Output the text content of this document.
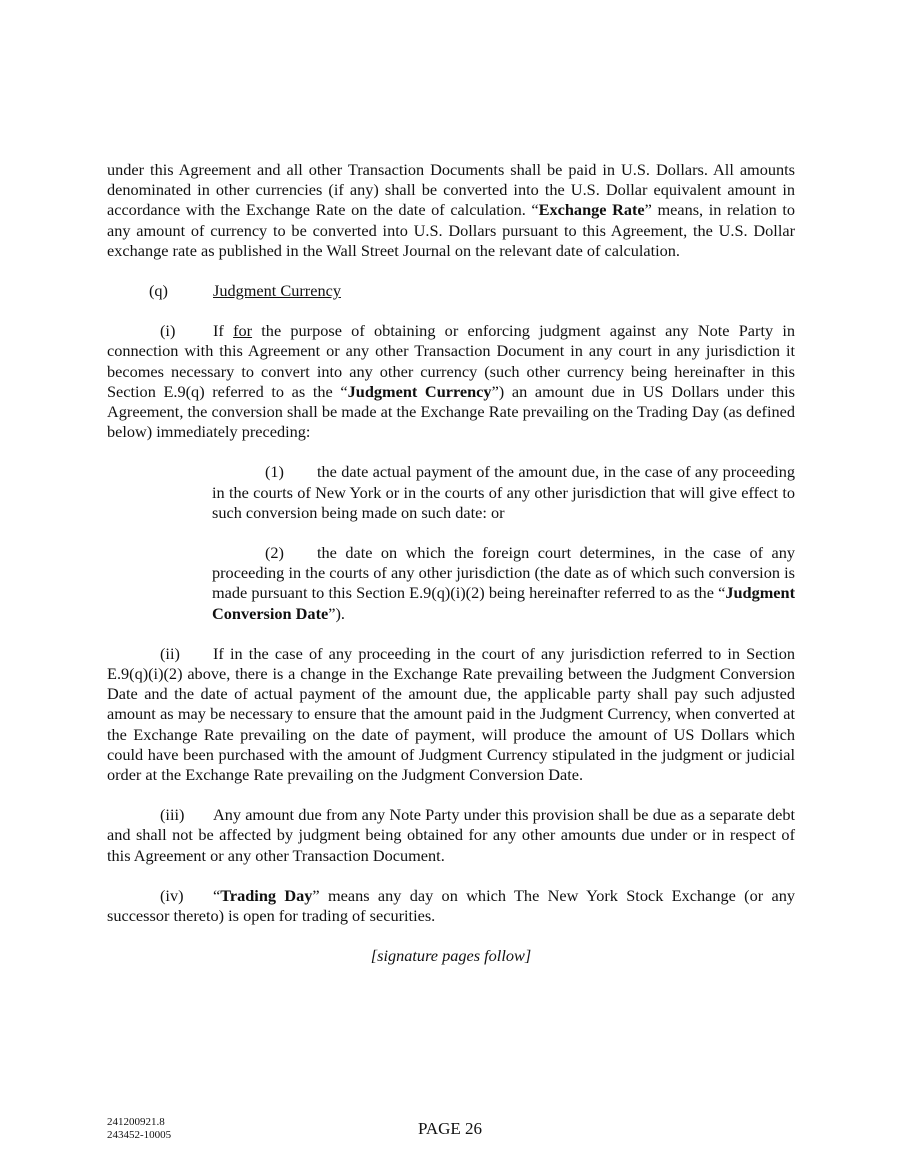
under this Agreement and all other Transaction Documents shall be paid in U.S. Dollars. All amounts denominated in other currencies (if any) shall be converted into the U.S. Dollar equivalent amount in accordance with the Exchange Rate on the date of calculation. “Exchange Rate” means, in relation to any amount of currency to be converted into U.S. Dollars pursuant to this Agreement, the U.S. Dollar exchange rate as published in the Wall Street Journal on the relevant date of calculation.

(q)	Judgment Currency

(i) If for the purpose of obtaining or enforcing judgment against any Note Party in connection with this Agreement or any other Transaction Document in any court in any jurisdiction it becomes necessary to convert into any other currency (such other currency being hereinafter in this Section E.9(q) referred to as the “Judgment Currency”) an amount due in US Dollars under this Agreement, the conversion shall be made at the Exchange Rate prevailing on the Trading Day (as defined below) immediately preceding:

(1) the date actual payment of the amount due, in the case of any proceeding in the courts of New York or in the courts of any other jurisdiction that will give effect to such conversion being made on such date: or

(2) the date on which the foreign court determines, in the case of any proceeding in the courts of any other jurisdiction (the date as of which such conversion is made pursuant to this Section E.9(q)(i)(2) being hereinafter referred to as the “Judgment Conversion Date”).

(ii) If in the case of any proceeding in the court of any jurisdiction referred to in Section E.9(q)(i)(2) above, there is a change in the Exchange Rate prevailing between the Judgment Conversion Date and the date of actual payment of the amount due, the applicable party shall pay such adjusted amount as may be necessary to ensure that the amount paid in the Judgment Currency, when converted at the Exchange Rate prevailing on the date of payment, will produce the amount of US Dollars which could have been purchased with the amount of Judgment Currency stipulated in the judgment or judicial order at the Exchange Rate prevailing on the Judgment Conversion Date.

(iii) Any amount due from any Note Party under this provision shall be due as a separate debt and shall not be affected by judgment being obtained for any other amounts due under or in respect of this Agreement or any other Transaction Document.

(iv) “Trading Day” means any day on which The New York Stock Exchange (or any successor thereto) is open for trading of securities.

[signature pages follow]

241200921.8
243452-10005	PAGE 26
